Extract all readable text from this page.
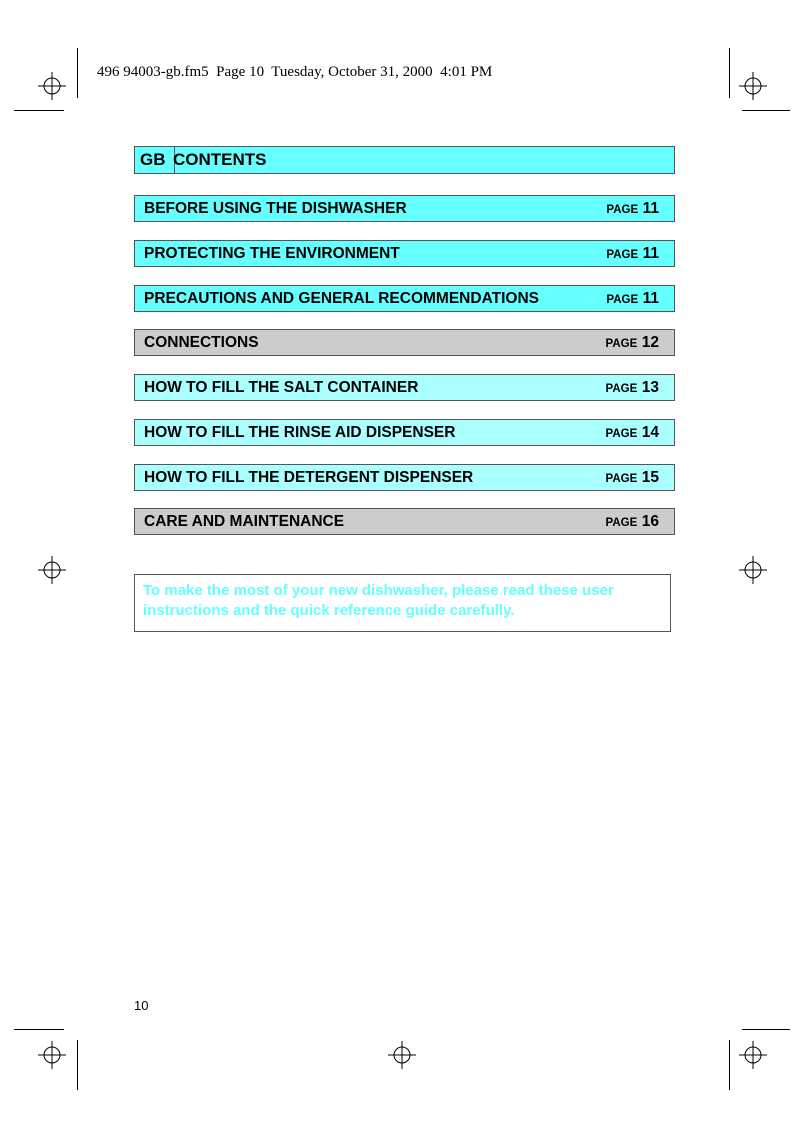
496 94003-gb.fm5  Page 10  Tuesday, October 31, 2000  4:01 PM
GB CONTENTS
BEFORE USING THE DISHWASHER	PAGE 11
PROTECTING THE ENVIRONMENT	PAGE 11
PRECAUTIONS AND GENERAL RECOMMENDATIONS	PAGE 11
CONNECTIONS	PAGE 12
HOW TO FILL THE SALT CONTAINER	PAGE 13
HOW TO FILL THE RINSE AID DISPENSER	PAGE 14
HOW TO FILL THE DETERGENT DISPENSER	PAGE 15
CARE AND MAINTENANCE	PAGE 16
To make the most of your new dishwasher, please read these user instructions and the quick reference guide carefully.
10
